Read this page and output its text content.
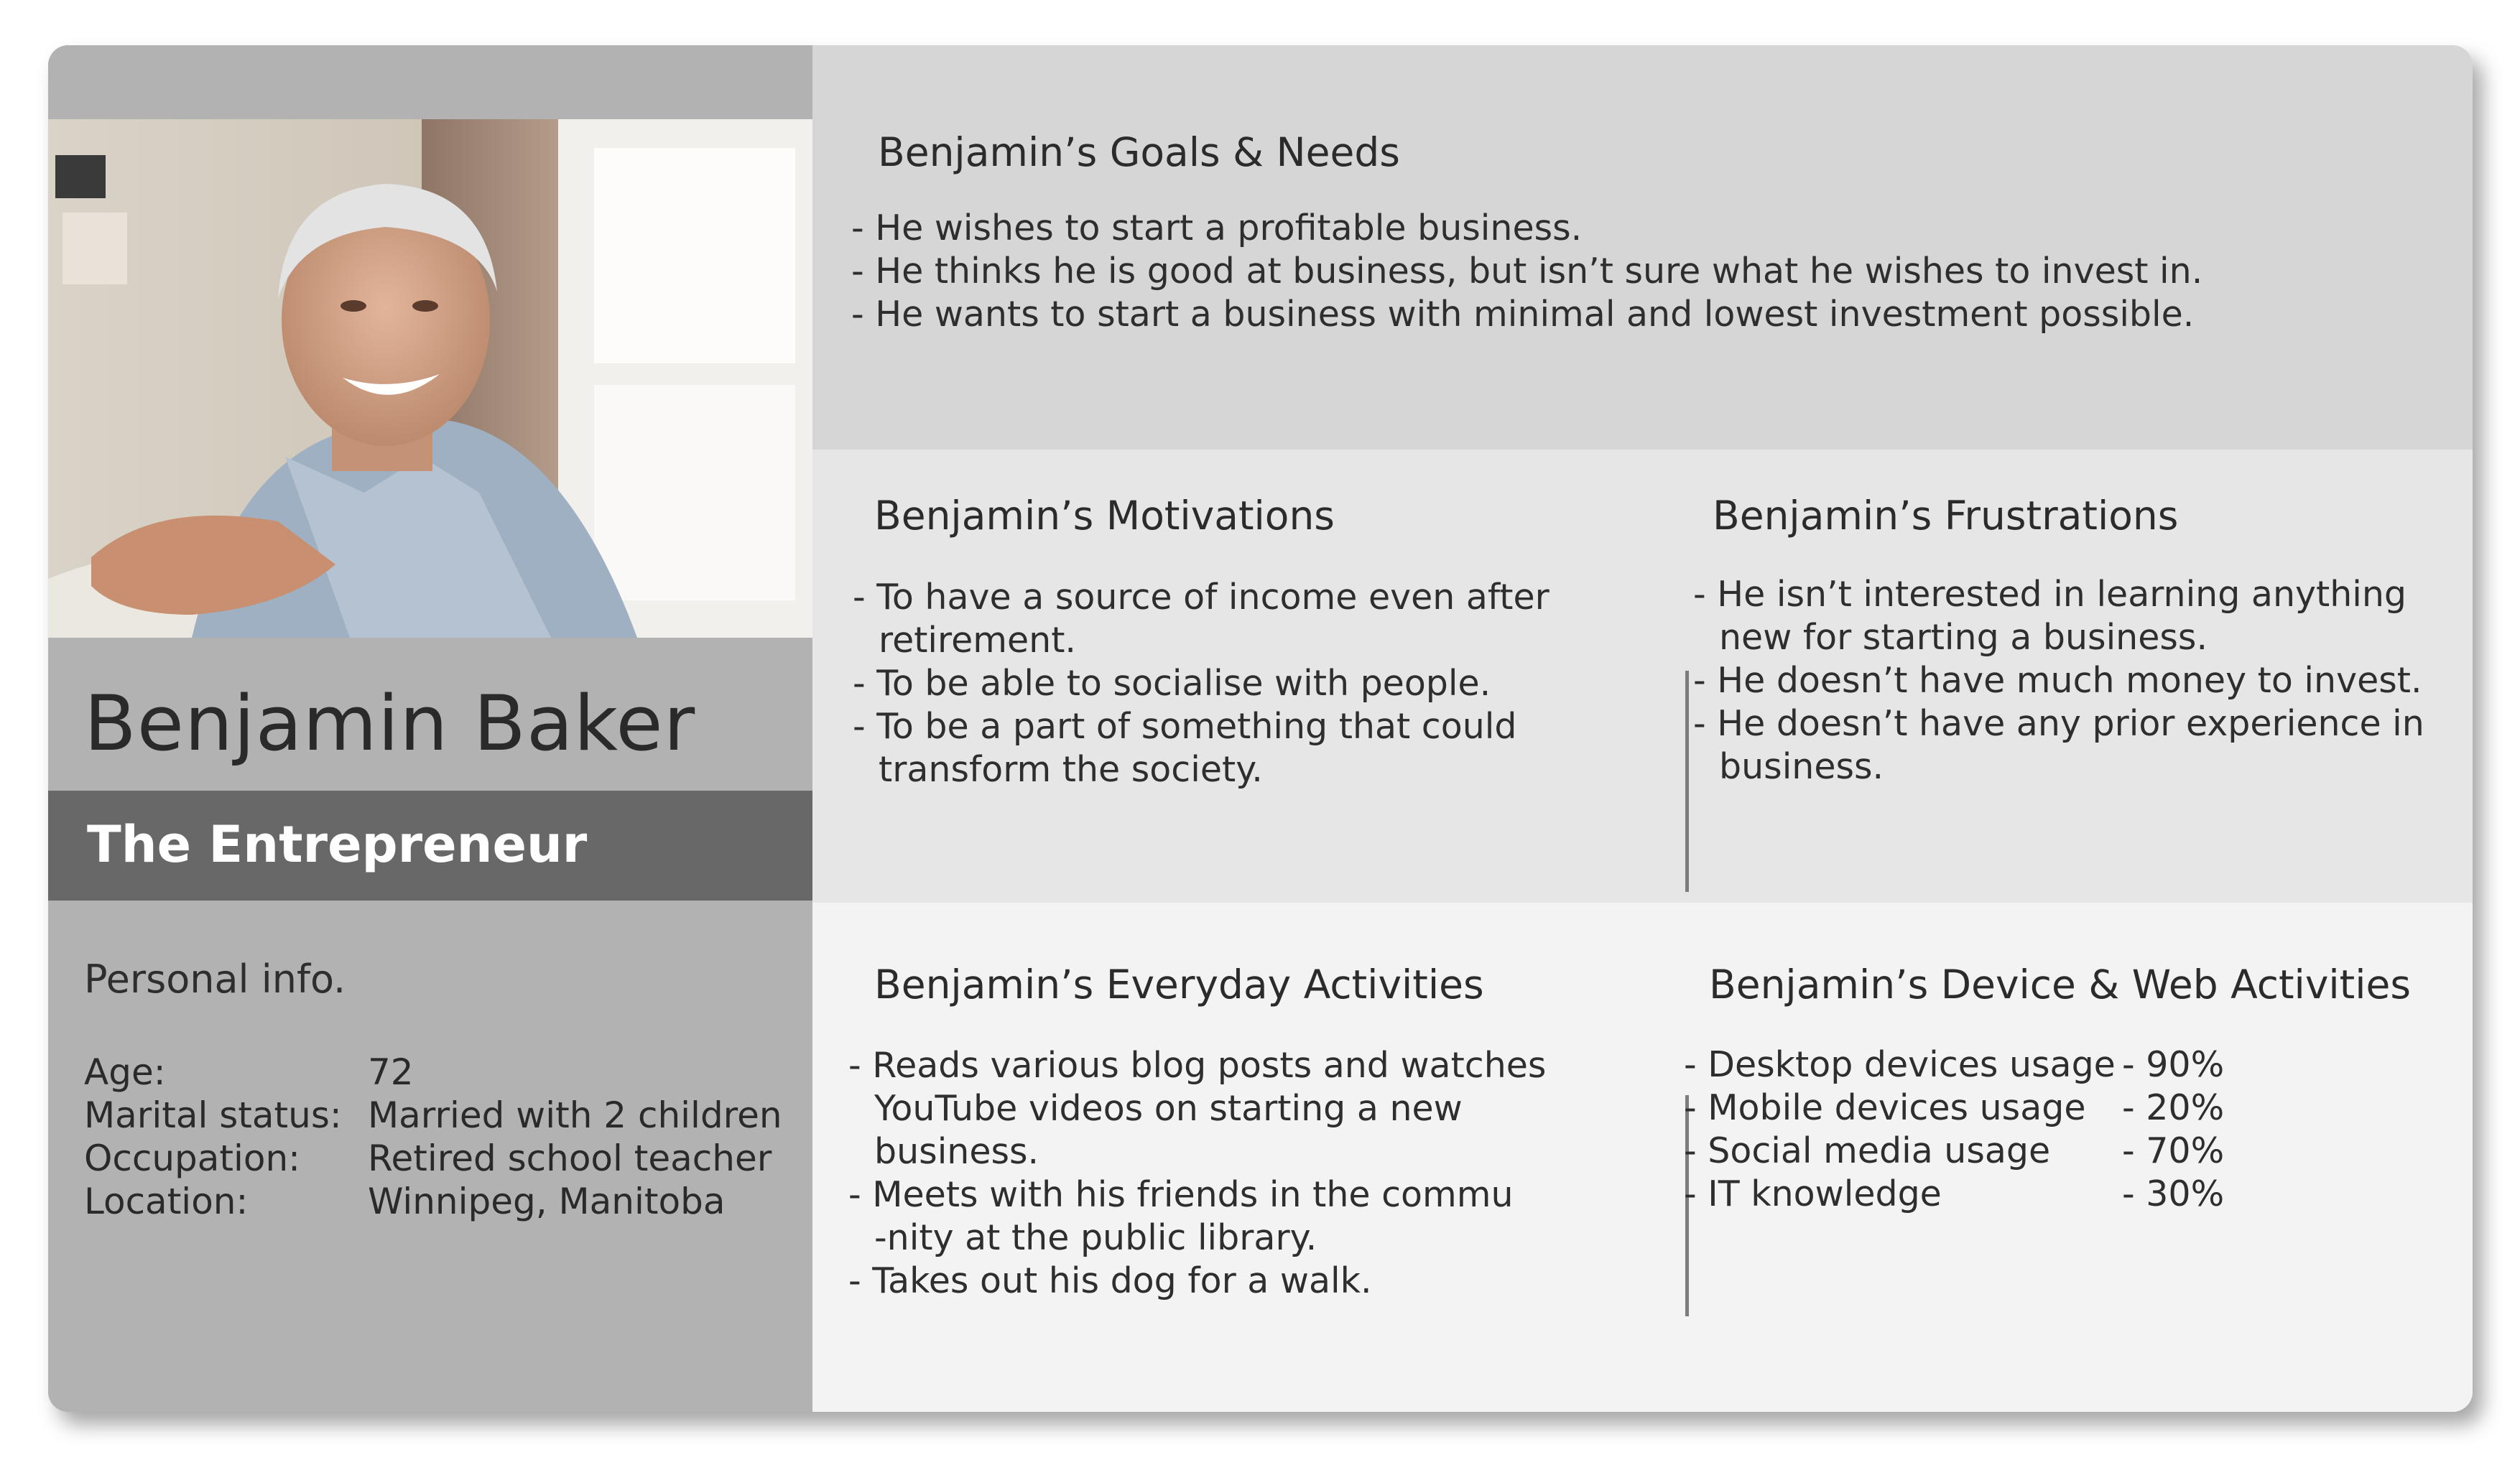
Benjamin Baker
The Entrepreneur
Personal info.
Age:	72
Marital status: Married with 2 children
Occupation: Retired school teacher
Location:	Winnipeg, Manitoba
Benjamin’s Goals & Needs
- He wishes to start a profitable business.
- He thinks he is good at business, but isn’t sure what he wishes to invest in.
- He wants to start a business with minimal and lowest investment possible.
Benjamin’s Motivations
- To have a source of income even after
retirement.
- To be able to socialise with people.
- To be a part of something that could
transform the society.
Benjamin’s Frustrations
- He isn’t interested in learning anything
new for starting a business.
- He doesn’t have much money to invest.
- He doesn’t have any prior experience in
business.
Benjamin’s Everyday Activities
- Reads various blog posts and watches
YouTube videos on starting a new
business.
- Meets with his friends in the commu
-nity at the public library.
- Takes out his dog for a walk.
Benjamin’s Device & Web Activities
- Desktop devices usage - 90%
- Mobile devices usage - 20%
- Social media usage - 70%
- IT knowledge	- 30%
